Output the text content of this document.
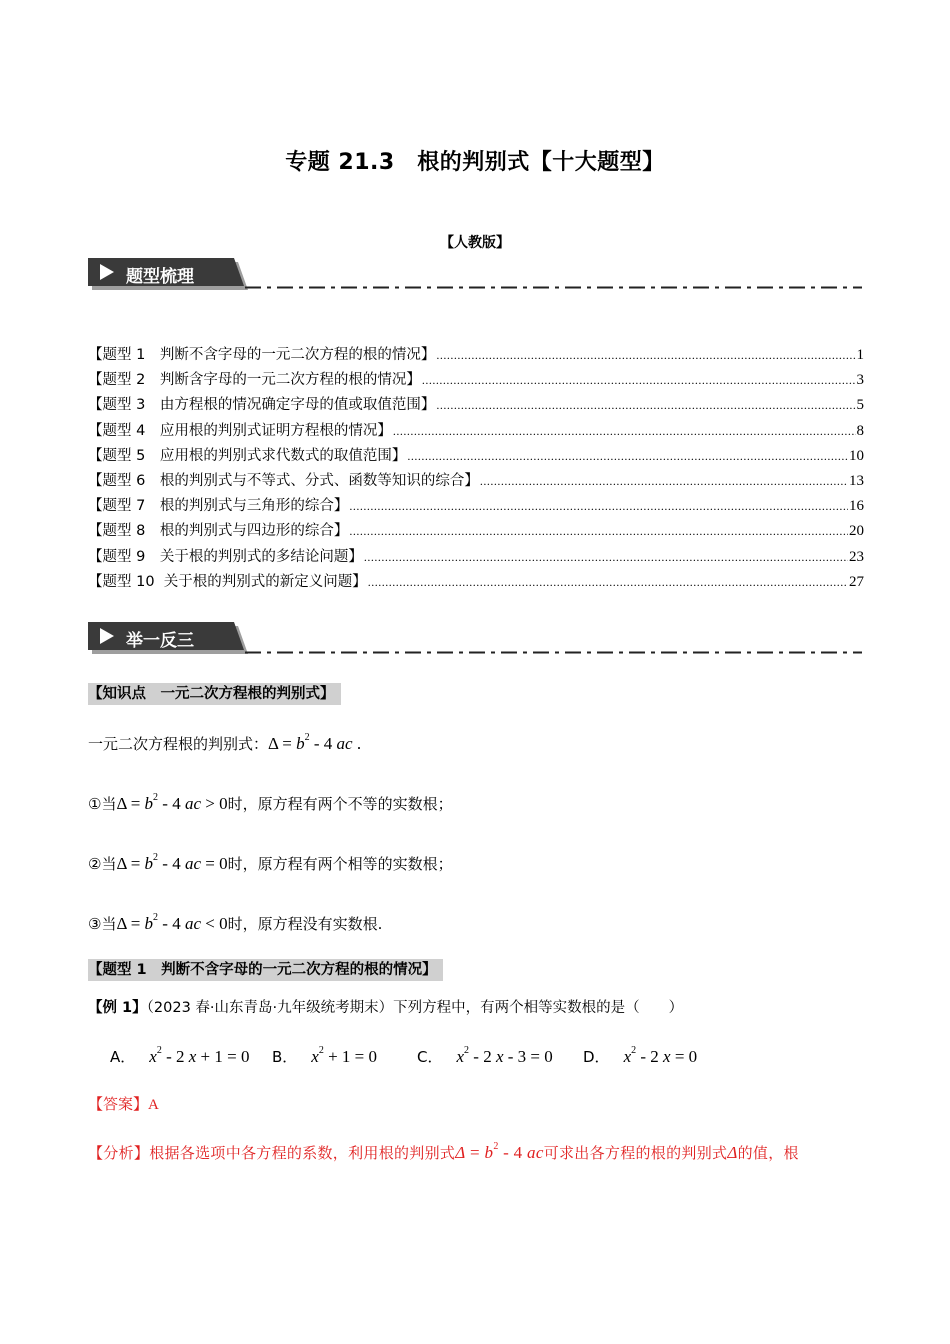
专题 21.3　根的判别式【十大题型】
【人教版】
题型梳理
【题型 1　判断不含字母的一元二次方程的根的情况】 .....	1
【题型 2　判断含字母的一元二次方程的根的情况】 .....	3
【题型 3　由方程根的情况确定字母的值或取值范围】 .....	5
【题型 4　应用根的判别式证明方程根的情况】 .....	8
【题型 5　应用根的判别式求代数式的取值范围】 .....	10
【题型 6　根的判别式与不等式、分式、函数等知识的综合】 .....	13
【题型 7　根的判别式与三角形的综合】 .....	16
【题型 8　根的判别式与四边形的综合】 .....	20
【题型 9　关于根的判别式的多结论问题】 .....	23
【题型 10  关于根的判别式的新定义问题】 .....	27
举一反三
【知识点　一元二次方程根的判别式】
一元二次方程根的判别式：$\Delta = b^2 - 4$ ac .
①当$\Delta = b^2 - 4$ ac > 0时，原方程有两个不等的实数根；
②当$\Delta = b^2 - 4$ ac = 0时，原方程有两个相等的实数根；
③当$\Delta = b^2 - 4$ ac < 0时，原方程没有实数根.
【题型 1　判断不含字母的一元二次方程的根的情况】
【例 1】（2023 春·山东青岛·九年级统考期末）下列方程中，有两个相等实数根的是（　　）
A． $x^2 - 2$ x + 1 = 0 B． $x^2 + 1 = 0$	C． $x^2 - 2$ x - 3 = 0 D． $x^2 - 2$ x = 0
【答案】A
【分析】根据各选项中各方程的系数，利用根的判别式$\Delta = b^2 - 4$ ac可求出各方程的根的判别式Δ的值，根
